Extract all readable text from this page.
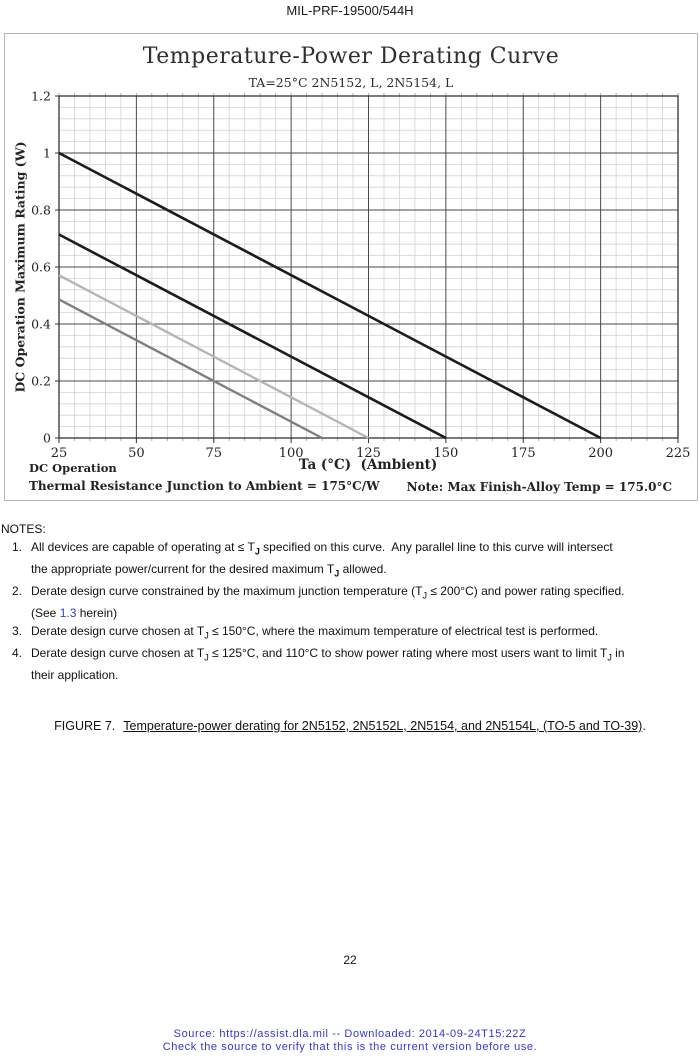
MIL-PRF-19500/544H
Temperature-Power Derating Curve
TA=25°C 2N5152, L, 2N5154, L
25	50	75	100	125	150	175	200	225
0
0.2
0.4
0.6
0.8
1
1.2
DC Operation Maximum Rating (W)
Ta (°C)  (Ambient)
DC Operation
Thermal Resistance Junction to Ambient = 175°C/W Note: Max Finish-Alloy Temp = 175.0°C
NOTES:
1. All devices are capable of operating at ≤ $T_J$ specified on this curve.  Any parallel line to this curve will intersect
the appropriate power/current for the desired maximum $T_J$ allowed.
2. Derate design curve constrained by the maximum junction temperature $(T_J \le 200^\circ C)$ and power rating specified.
(See 1.3 herein)
3. Derate design curve chosen at $T_J \le 150^\circ C$, where the maximum temperature of electrical test is performed.
4. Derate design curve chosen at $T_J \le 125^\circ C$, and 110°C to show power rating where most users want to limit $T_J$ in
their application.
FIGURE 7. Temperature-power derating for 2N5152, 2N5152L, 2N5154, and 2N5154L, (TO-5 and TO-39).
22
Source: https://assist.dla.mil -- Downloaded: 2014-09-24T15:22Z
Check the source to verify that this is the current version before use.
